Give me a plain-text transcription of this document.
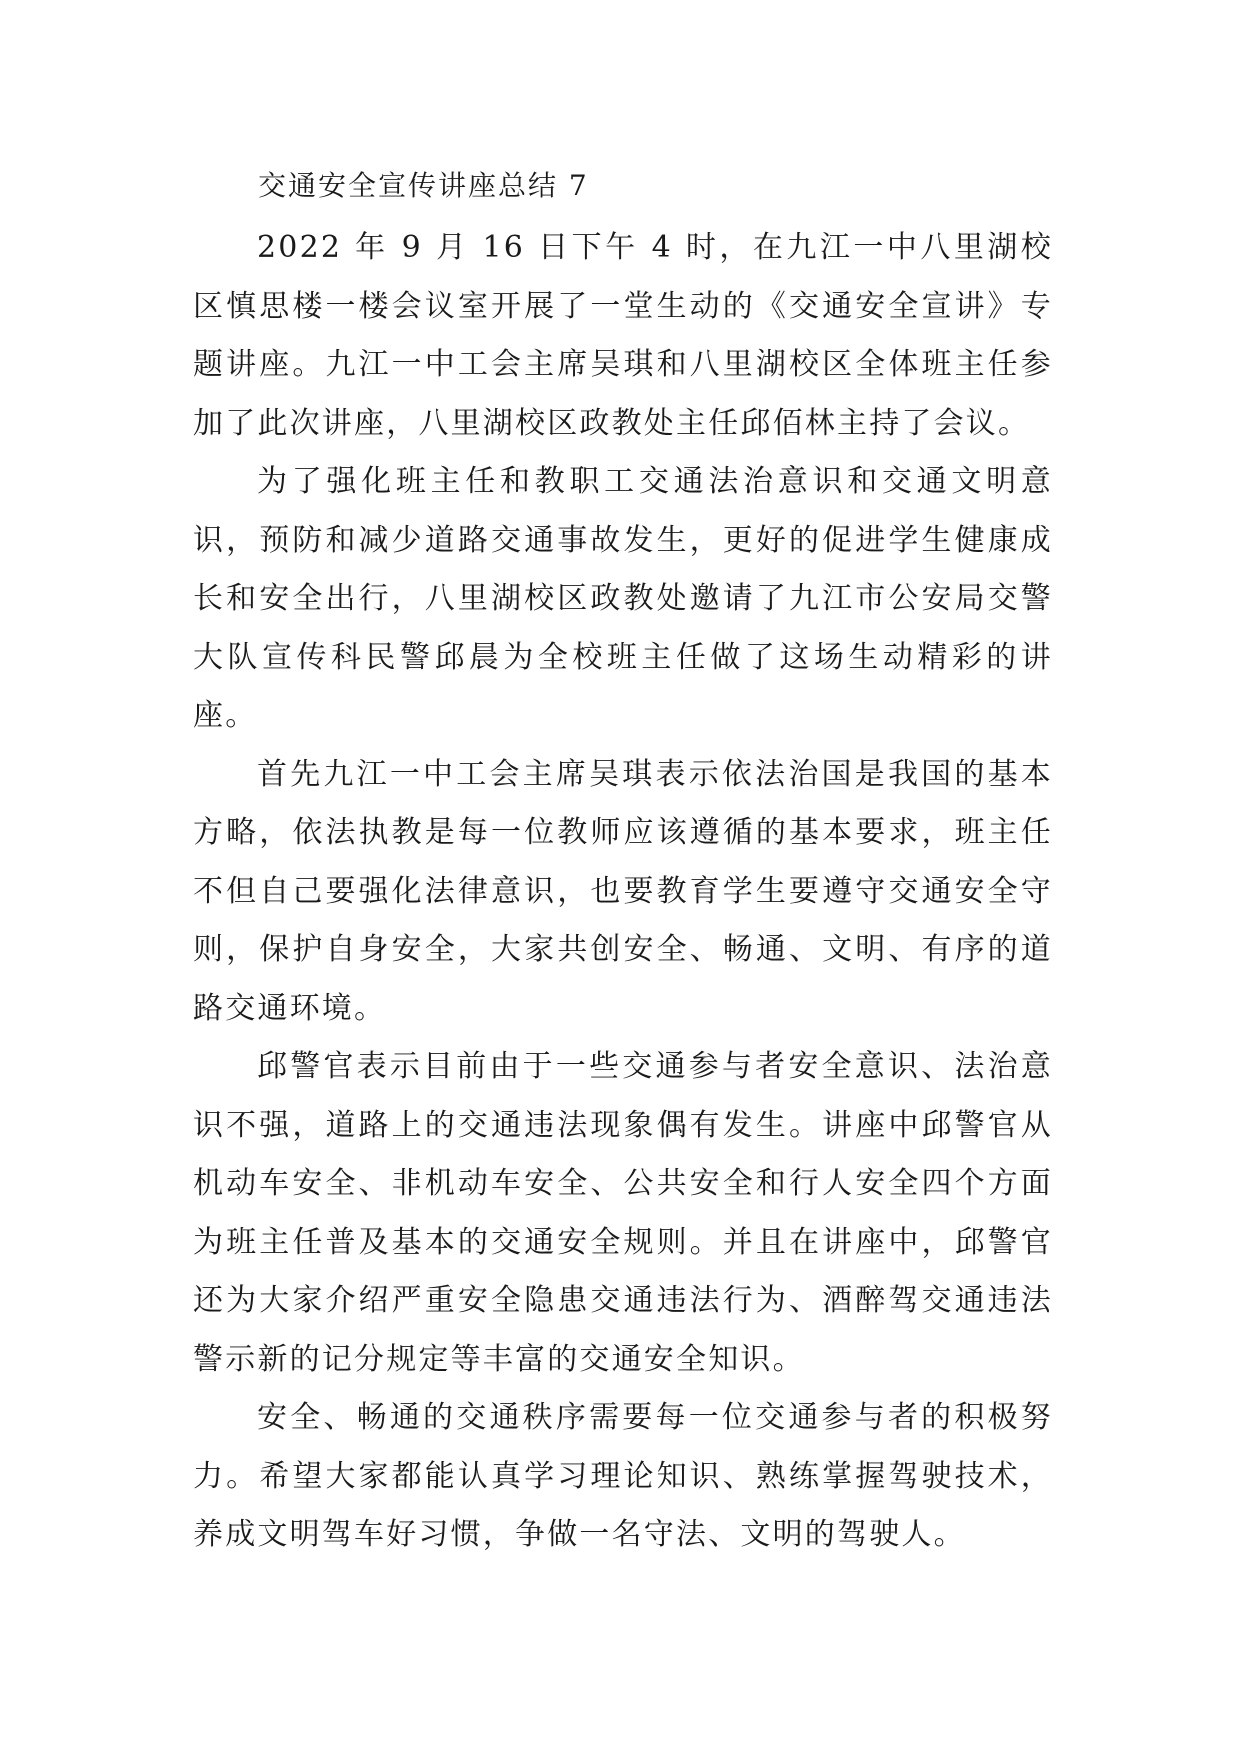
交通安全宣传讲座总结 7

2022 年 9 月 16 日下午 4 时，在九江一中八里湖校区慎思楼一楼会议室开展了一堂生动的《交通安全宣讲》专题讲座。九江一中工会主席吴琪和八里湖校区全体班主任参加了此次讲座，八里湖校区政教处主任邱佰林主持了会议。

为了强化班主任和教职工交通法治意识和交通文明意识，预防和减少道路交通事故发生，更好的促进学生健康成长和安全出行，八里湖校区政教处邀请了九江市公安局交警大队宣传科民警邱晨为全校班主任做了这场生动精彩的讲座。

首先九江一中工会主席吴琪表示依法治国是我国的基本方略，依法执教是每一位教师应该遵循的基本要求，班主任不但自己要强化法律意识，也要教育学生要遵守交通安全守则，保护自身安全，大家共创安全、畅通、文明、有序的道路交通环境。

邱警官表示目前由于一些交通参与者安全意识、法治意识不强，道路上的交通违法现象偶有发生。讲座中邱警官从机动车安全、非机动车安全、公共安全和行人安全四个方面为班主任普及基本的交通安全规则。并且在讲座中，邱警官还为大家介绍严重安全隐患交通违法行为、酒醉驾交通违法警示新的记分规定等丰富的交通安全知识。

安全、畅通的交通秩序需要每一位交通参与者的积极努力。希望大家都能认真学习理论知识、熟练掌握驾驶技术，养成文明驾车好习惯，争做一名守法、文明的驾驶人。
